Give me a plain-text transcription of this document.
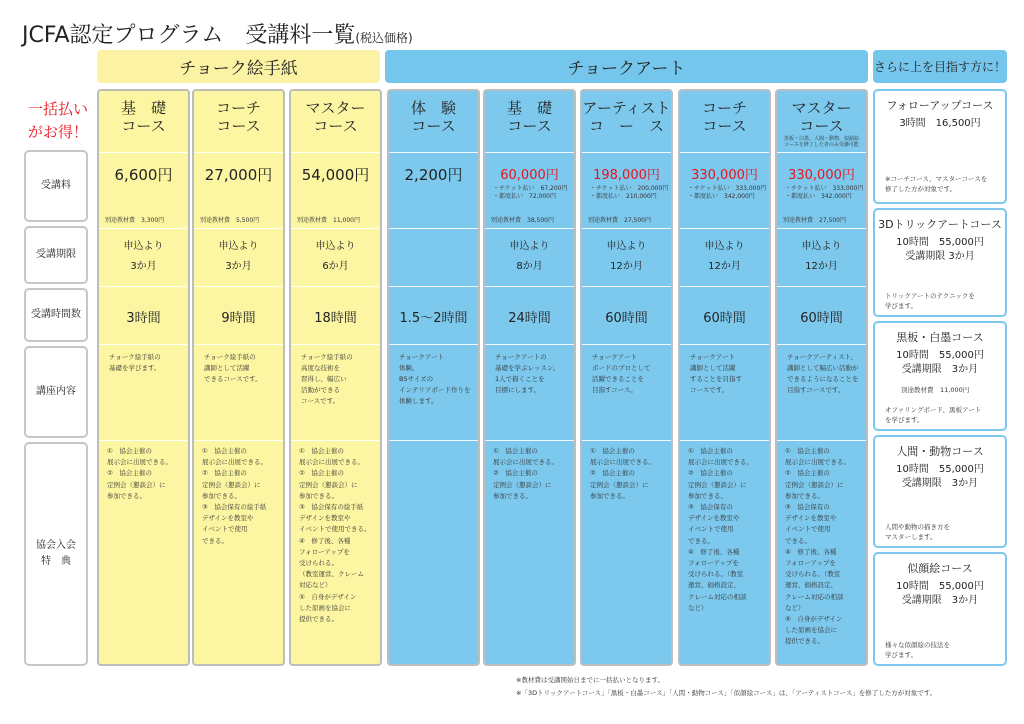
JCFA認定プログラム　受講料一覧(税込価格)
チョーク絵手紙	チョークアート	さらに上を目指す方に！
一括払い
がお得！
受講料
受講期限
受講時間数
講座内容
協会入会
特　典
基　礎
コース
6,600円
別途教材費　3,300円
申込より
3か月
3時間
チョーク絵手紙の
基礎を学びます。
①　協会主催の
展示会に出展できる。
②　協会主催の
定例会（懇談会）に
参加できる。
コーチ
コース
27,000円
別途教材費　5,500円
申込より
3か月
9時間
チョーク絵手紙の
講師として活躍
できるコースです。
①　協会主催の
展示会に出展できる。
②　協会主催の
定例会（懇談会）に
参加できる。
③　協会保有の絵手紙
デザインを教室や
イベントで使用
できる。
マスター
コース
54,000円
別途教材費　11,000円
申込より
6か月
18時間
チョーク絵手紙の
高度な技術を
習得し、幅広い
活動ができる
コースです。
①　協会主催の
展示会に出展できる。
②　協会主催の
定例会（懇談会）に
参加できる。
③　協会保有の絵手紙
デザインを教室や
イベントで使用できる。
④　修了後、各種
フォローアップを
受けられる。
（教室運営、クレーム
対応など）
⑤　自身がデザイン
した原画を協会に
提供できる。
体　験
コース
2,200円
1.5～2時間
チョークアート
体験。
B5サイズの
インテリアボード作りを
体験します。
基　礎
コース
60,000円
・チケット払い　67,200円
・都度払い　72,000円
別途教材費　38,500円
申込より
8か月
24時間
チョークアートの
基礎を学ぶレッスン。
1人で描くことを
目標にします。
①　協会主催の
展示会に出展できる。
②　協会主催の
定例会（懇談会）に
参加できる。
アーティスト
コ　ー　ス
198,000円
・チケット払い　200,000円
・都度払い　210,000円
別途教材費　27,500円
申込より
12か月
60時間
チョークアート
ボードのプロとして
活躍できることを
目指すコース。
①　協会主催の
展示会に出展できる。
②　協会主催の
定例会（懇談会）に
参加できる。
コーチ
コース
330,000円
・チケット払い　333,000円
・都度払い　342,000円
申込より
12か月
60時間
チョークアート
講師として活躍
することを目指す
コースです。
①　協会主催の
展示会に出展できる。
②　協会主催の
定例会（懇談会）に
参加できる。
③　協会保有の
デザインを教室や
イベントで使用
できる。
④　修了後、各種
フォローアップを
受けられる。（教室
運営、価格設定、
クレーム対応の相談
など）
マスター
コース
黒板・白墨、人間・動物、似顔絵
コースを修了した者のみ受講可能
330,000円
・チケット払い　333,000円
・都度払い　342,000円
別途教材費　27,500円
申込より
12か月
60時間
チョークアーティスト、
講師として幅広い活動が
できるようになることを
目指すコースです。
①　協会主催の
展示会に出展できる。
②　協会主催の
定例会（懇談会）に
参加できる。
③　協会保有の
デザインを教室や
イベントで使用
できる。
④　修了後、各種
フォローアップを
受けられる。（教室
運営、価格設定、
クレーム対応の相談
など）
⑤　自身がデザイン
した原画を協会に
提供できる。
フォローアップコース
3時間　16,500円
※コーチコース、マスターコースを
修了した方が対象です。
3Dトリックアートコース
10時間　55,000円
受講期限 3か月
トリックアートのテクニックを
学びます。
黒板・白墨コース
10時間　55,000円
受講期限　3か月
別途教材費　11,000円
オファリングボード、黒板アート
を学びます。
人間・動物コース
10時間　55,000円
受講期限　3か月
人間や動物の描き方を
マスターします。
似顔絵コース
10時間　55,000円
受講期限　3か月
様々な似顔絵の技法を
学びます。
※教材費は受講開始日までに一括払いとなります。
※「3Dトリックアートコース」「黒板・白墨コース」「人間・動物コース」「似顔絵コース」は、「アーティストコース」を修了した方が対象です。
